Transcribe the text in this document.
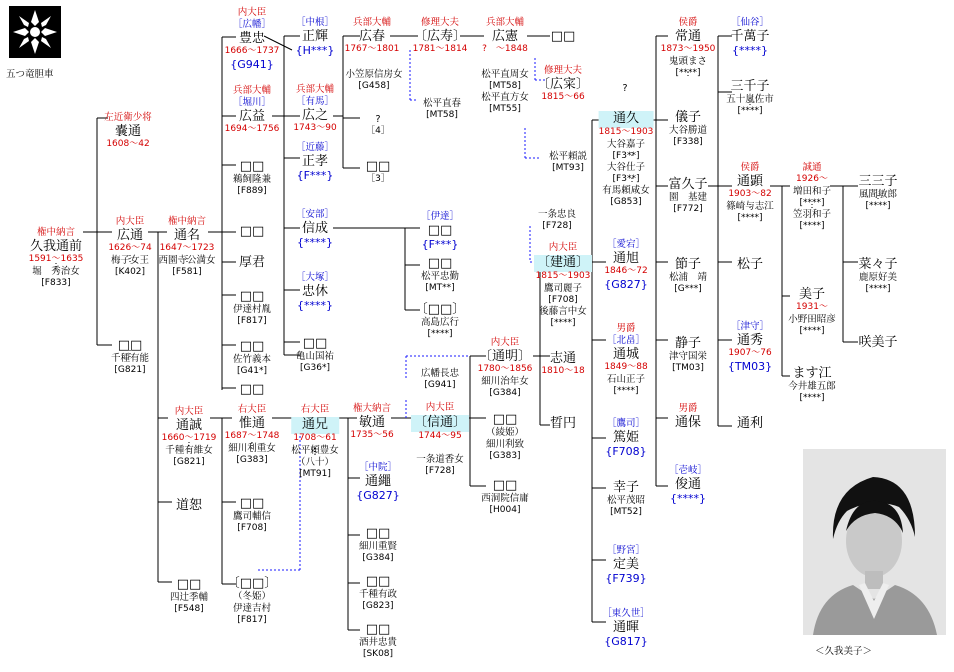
五つ竜胆車
権中納言
久我通前
1591～1635
堀　秀治女
[F833]
左近衛少将
嚢通
1608～42
内大臣
広通
1626～74
梅子女王
[K402]
□□
千種有能
[G821]
権中納言
通名
1647～1723
西園寺公満女
[F581]
内大臣
通誠
1660～1719
千種有維女
[G821]
道恕
□□
四辻季輔
[F548]
内大臣
［広幡］
豊忠
1666～1737
{G941}
兵部大輔
［堀川］
広益
1694～1756
□□
鵜飼隆兼
[F889]
□□
厚君
□□
伊達村胤
[F817]
□□
佐竹義本
[G41*]
□□
右大臣
惟通
1687～1748
細川利重女
[G383]
□□
鷹司輔信
[F708]
〔□□〕
（冬姫）
伊達吉村
[F817]
［中根］
正輝
{H***}
兵部大輔
［有馬］
広之
1743～90
［近藤］
正孝
{F***}
［安部］
信成
{****}
［大塚］
忠休
{****}
□□
亀山国祐
[G36*]
右大臣
通兄
1708～61
松平頼豊女
（八十）
[MT91]
兵部大輔
広春
1767～1801
小笠原信房女
[G458]
?
［4］
□□
［3］
権大納言
敏通
1735～56
［中院］
通繩
{G827}
□□
細川重賢
[G384]
□□
千種有政
[G823]
□□
酒井忠貴
[SK08]
修理大夫
〔広寿〕
1781～1814
松平直春
[MT58]
［伊達］
□□
{F***}
□□
松平忠勤
[MT**]
〔□□〕
高島広行
[****]
広幡長忠
[G941]
内大臣
〔信通〕
1744～95
一条道香女
[F728]
兵部大輔
広憲
?　～1848
松平直周女
[MT58]
松平直方女
[MT55]
内大臣
〔通明〕
1780～1856
細川治年女
[G384]
□□
（綾姫）
細川利致
[G383]
□□
西洞院信庸
[H004]
□□
修理大夫
〔広寀〕
1815～66
松平頼説
[MT93]
一条忠良
[F728]
内大臣
〔建通〕
1815～1903
鷹司麗子
[F708]
後藤言中女
[****]
志通
1810～18
晢円
?
通久
1815～1903
大谷嘉子
[F3**]
大谷仕子
[F3**]
有馬頼咸女
[G853]
［愛宕］
通旭
1846～72
{G827}
男爵
［北畠］
通城
1849～88
石山正子
[****]
［鷹司］
篤姫
{F708}
幸子
松平茂昭
[MT52]
［野宮］
定美
{F739}
［東久世］
通暉
{G817}
侯爵
常通
1873～1950
鬼頭まさ
[****]
儀子
大谷勝道
[F338]
富久子
園　基建
[F772]
節子
松浦　靖
[G***]
静子
津守国栄
[TM03]
男爵
通保
［壱岐］
俊通
{****}
［仙谷］
千萬子
{****}
三千子
五十嵐佐市
[****]
侯爵
通顕
1903～82
篠崎与志江
[****]
松子
［津守］
通秀
1907～76
{TM03}
通利
誠通
1926～
増田和子
[****]
笠羽和子
[****]
美子
1931～
小野田昭彦
[****]
ます江
今井雄五郎
[****]
三三子
風間敏郎
[****]
菜々子
鹿原好美
[****]
咲美子
＜久我美子＞
